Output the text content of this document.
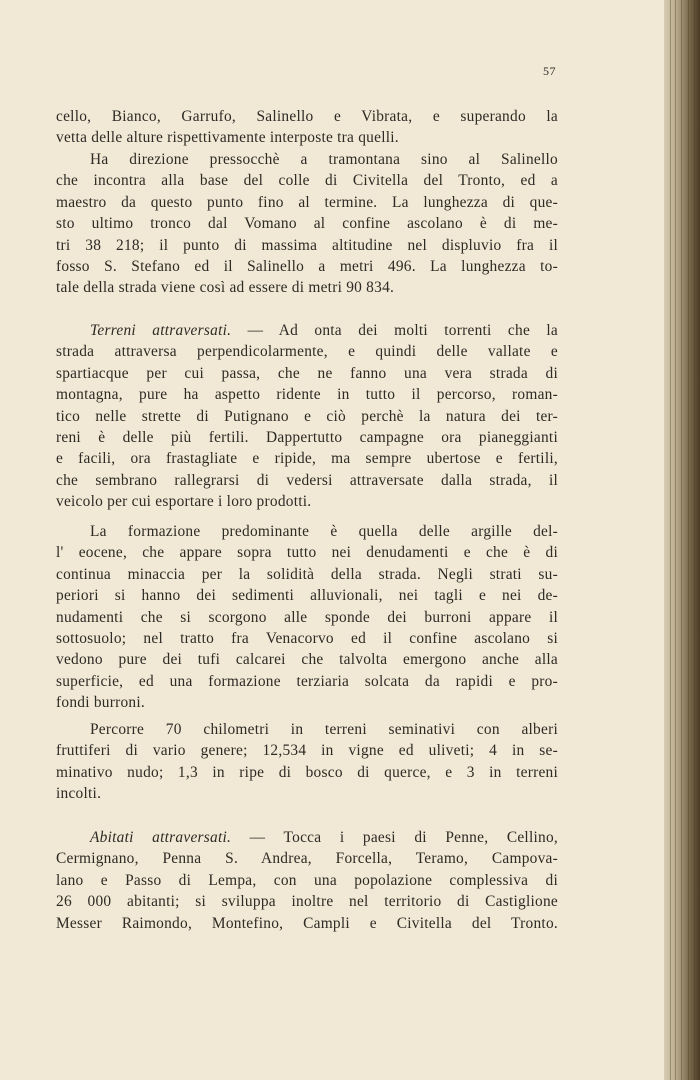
57
cello, Bianco, Garrufo, Salinello e Vibrata, e superando la
vetta delle alture rispettivamente interposte tra quelli.
Ha direzione pressocchè a tramontana sino al Salinello
che incontra alla base del colle di Civitella del Tronto, ed a
maestro da questo punto fino al termine. La lunghezza di que-
sto ultimo tronco dal Vomano al confine ascolano è di me-
tri 38 218; il punto di massima altitudine nel displuvio fra il
fosso S. Stefano ed il Salinello a metri 496. La lunghezza to-
tale della strada viene così ad essere di metri 90 834.
Terreni attraversati. — Ad onta dei molti torrenti che la
strada attraversa perpendicolarmente, e quindi delle vallate e
spartiacque per cui passa, che ne fanno una vera strada di
montagna, pure ha aspetto ridente in tutto il percorso, roman-
tico nelle strette di Putignano e ciò perchè la natura dei ter-
reni è delle più fertili. Dappertutto campagne ora pianeggianti
e facili, ora frastagliate e ripide, ma sempre ubertose e fertili,
che sembrano rallegrarsi di vedersi attraversate dalla strada, il
veicolo per cui esportare i loro prodotti.
La formazione predominante è quella delle argille del-
l' eocene, che appare sopra tutto nei denudamenti e che è di
continua minaccia per la solidità della strada. Negli strati su-
periori si hanno dei sedimenti alluvionali, nei tagli e nei de-
nudamenti che si scorgono alle sponde dei burroni appare il
sottosuolo; nel tratto fra Venacorvo ed il confine ascolano si
vedono pure dei tufi calcarei che talvolta emergono anche alla
superficie, ed una formazione terziaria solcata da rapidi e pro-
fondi burroni.
Percorre 70 chilometri in terreni seminativi con alberi
fruttiferi di vario genere; 12,534 in vigne ed uliveti; 4 in se-
minativo nudo; 1,3 in ripe di bosco di querce, e 3 in terreni
incolti.
Abitati attraversati. — Tocca i paesi di Penne, Cellino,
Cermignano, Penna S. Andrea, Forcella, Teramo, Campova-
lano e Passo di Lempa, con una popolazione complessiva di
26 000 abitanti; si sviluppa inoltre nel territorio di Castiglione
Messer Raimondo, Montefino, Campli e Civitella del Tronto.
